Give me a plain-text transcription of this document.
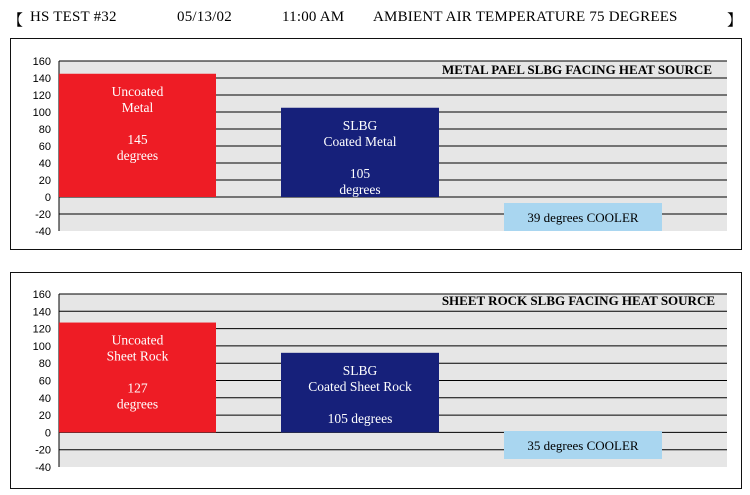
【 HS TEST #32	05/13/02	11:00 AM AMBIENT AIR TEMPERATURE 75 DEGREES	】
160
140
120
100
80
60
40
20
0
-20
-40
Uncoated
Metal
145
degrees
SLBG
Coated Metal
105
degrees
39 degrees COOLER
METAL PAEL SLBG FACING HEAT SOURCE
160
140
120
100
80
60
40
20
0
-20
-40
Uncoated
Sheet Rock
127
degrees
SLBG
Coated Sheet Rock
105 degrees
35 degrees COOLER
SHEET ROCK SLBG FACING HEAT SOURCE
